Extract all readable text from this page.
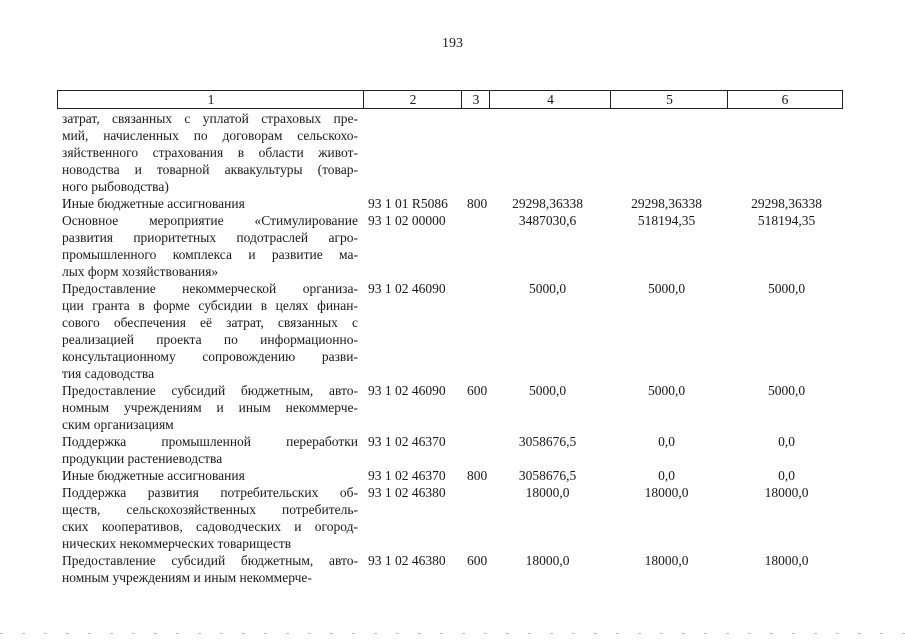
193
1	2	3	4	5	6
затрат, связанных с уплатой страховых пре-
мий, начисленных по договорам сельскохо-
зяйственного страхования в области живот-
новодства и товарной аквакультуры (товар-
ного рыбоводства)
Иные бюджетные ассигнования	93 1 01 R5086 800	29298,36338	29298,36338	29298,36338
Основное мероприятие «Стимулирование
развития приоритетных подотраслей агро-
промышленного комплекса и развитие ма-
лых форм хозяйствования»
93 1 02 00000	3487030,6	518194,35	518194,35
Предоставление некоммерческой организа-
ции гранта в форме субсидии в целях финан-
сового обеспечения её затрат, связанных с
реализацией проекта по информационно-
консультационному сопровождению разви-
тия садоводства
93 1 02 46090	5000,0	5000,0	5000,0
Предоставление субсидий бюджетным, авто-
номным учреждениям и иным некоммерче-
ским организациям
93 1 02 46090 600	5000,0	5000,0	5000,0
Поддержка промышленной переработки
продукции растениеводства
93 1 02 46370	3058676,5	0,0	0,0
Иные бюджетные ассигнования	93 1 02 46370 800	3058676,5	0,0	0,0
Поддержка развития потребительских об-
ществ, сельскохозяйственных потребитель-
ских кооперативов, садоводческих и огород-
нических некоммерческих товариществ
93 1 02 46380	18000,0	18000,0	18000,0
Предоставление субсидий бюджетным, авто-
номным учреждениям и иным некоммерче-
93 1 02 46380 600	18000,0	18000,0	18000,0
